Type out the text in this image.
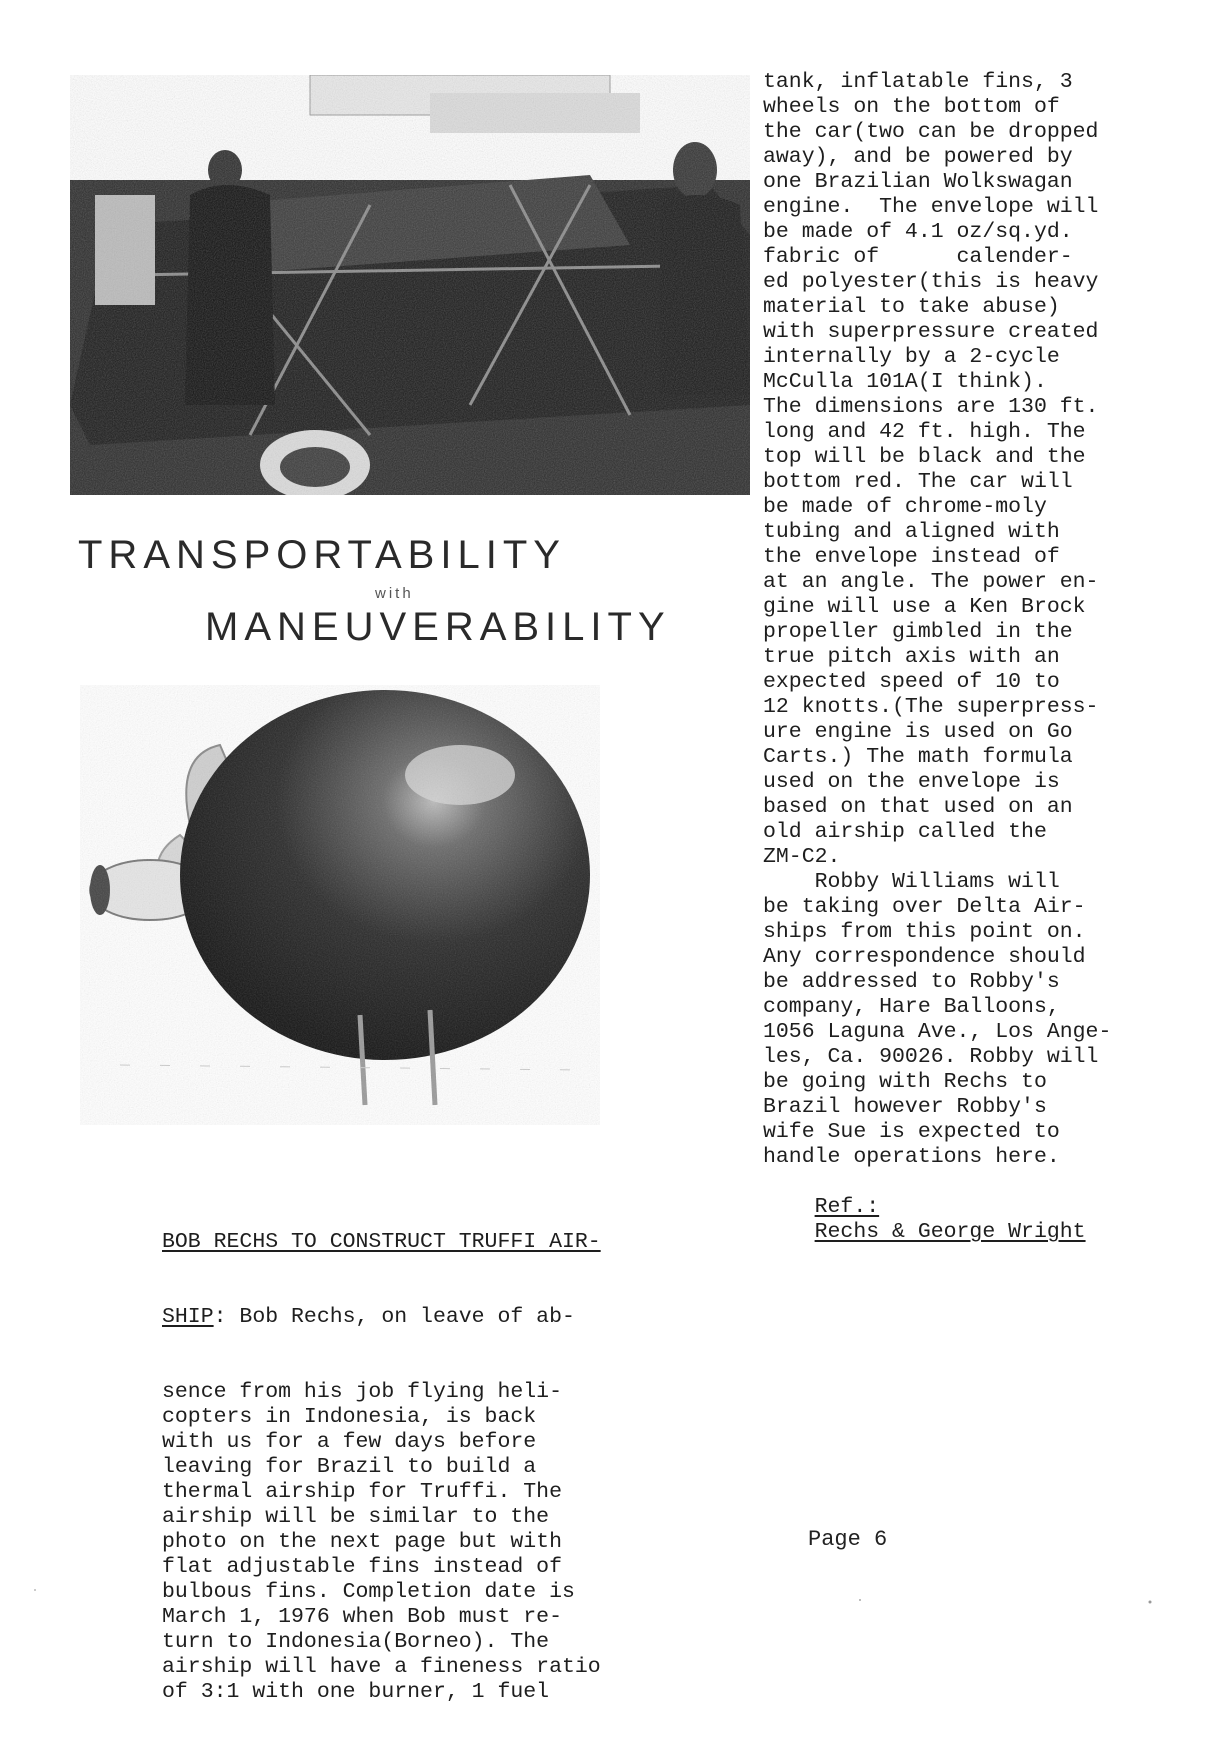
TRANSPORTABILITY
with
MANEUVERABILITY
tank, inflatable fins, 3
wheels on the bottom of
the car(two can be dropped
away), and be powered by
one Brazilian Wolkswagan
engine.  The envelope will
be made of 4.1 oz/sq.yd.
fabric of      calender-
ed polyester(this is heavy
material to take abuse)
with superpressure created
internally by a 2-cycle
McCulla 101A(I think).
The dimensions are 130 ft.
long and 42 ft. high. The
top will be black and the
bottom red. The car will
be made of chrome-moly
tubing and aligned with
the envelope instead of
at an angle. The power en-
gine will use a Ken Brock
propeller gimbled in the
true pitch axis with an
expected speed of 10 to
12 knotts.(The superpress-
ure engine is used on Go
Carts.) The math formula
used on the envelope is
based on that used on an
old airship called the
ZM-C2.
Robby Williams will
be taking over Delta Air-
ships from this point on.
Any correspondence should
be addressed to Robby's
company, Hare Balloons,
1056 Laguna Ave., Los Ange-
les, Ca. 90026. Robby will
be going with Rechs to
Brazil however Robby's
wife Sue is expected to
handle operations here.

Ref.:
Rechs & George Wright

BOB RECHS TO CONSTRUCT TRUFFI AIR-

SHIP: Bob Rechs, on leave of ab-

sence from his job flying heli-
copters in Indonesia, is back
with us for a few days before
leaving for Brazil to build a
thermal airship for Truffi. The
airship will be similar to the
photo on the next page but with
flat adjustable fins instead of
bulbous fins. Completion date is
March 1, 1976 when Bob must re-
turn to Indonesia(Borneo). The
airship will have a fineness ratio
of 3:1 with one burner, 1 fuel

Page 6
